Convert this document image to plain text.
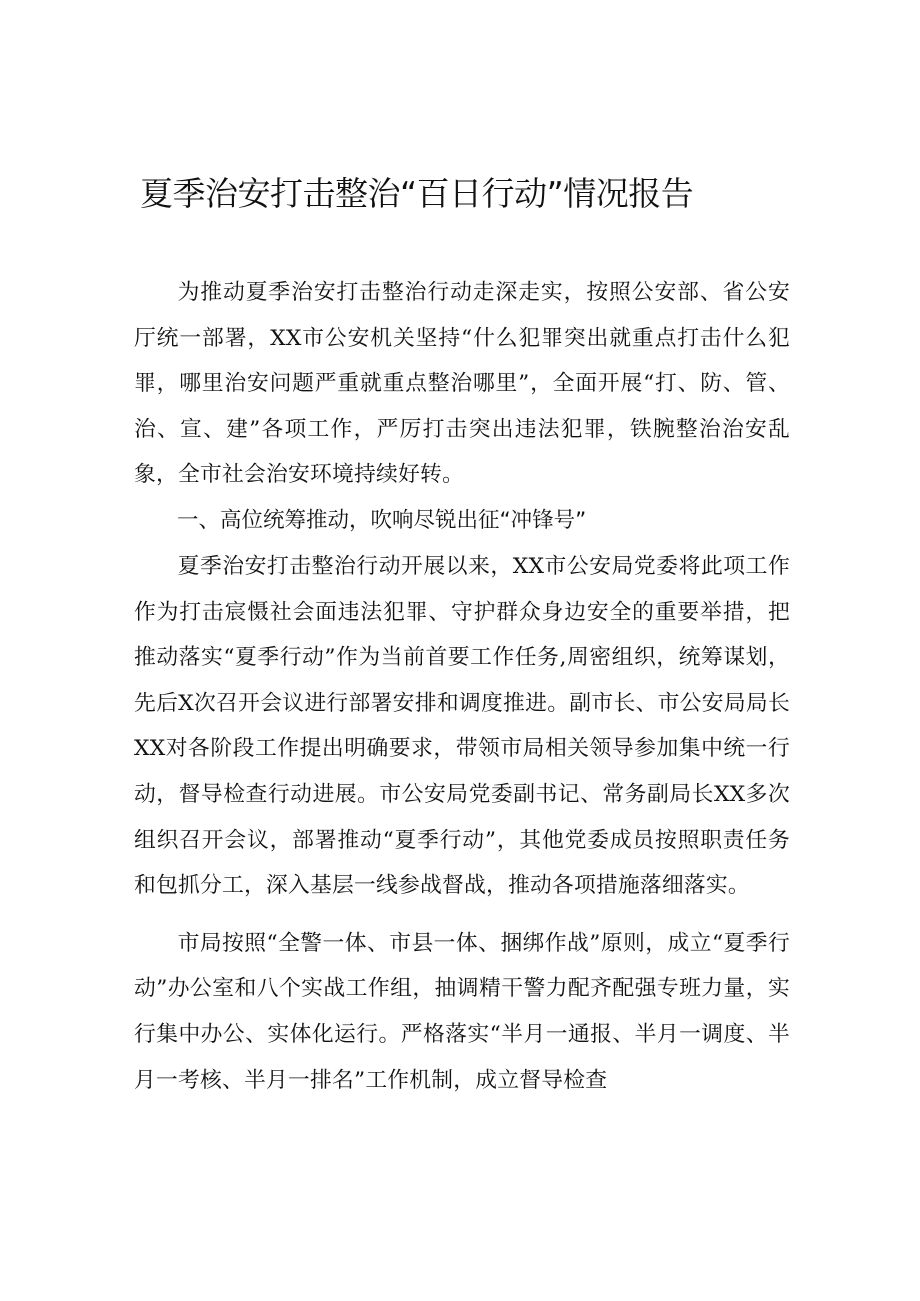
夏季治安打击整治“百日行动”情况报告

为推动夏季治安打击整治行动走深走实，按照公安部、省公安厅统一部署，XX市公安机关坚持“什么犯罪突出就重点打击什么犯罪，哪里治安问题严重就重点整治哪里”，全面开展“打、防、管、治、宣、建”各项工作，严厉打击突出违法犯罪，铁腕整治治安乱象，全市社会治安环境持续好转。

一、高位统筹推动，吹响尽锐出征“冲锋号”

夏季治安打击整治行动开展以来，XX市公安局党委将此项工作作为打击宸慑社会面违法犯罪、守护群众身边安全的重要举措，把推动落实“夏季行动”作为当前首要工作任务,周密组织，统筹谋划，先后X次召开会议进行部署安排和调度推进。副市长、市公安局局长XX对各阶段工作提出明确要求，带领市局相关领导参加集中统一行动，督导检查行动进展。市公安局党委副书记、常务副局长XX多次组织召开会议，部署推动“夏季行动”，其他党委成员按照职责任务和包抓分工，深入基层一线参战督战，推动各项措施落细落实。

市局按照“全警一体、市县一体、捆绑作战”原则，成立“夏季行动”办公室和八个实战工作组，抽调精干警力配齐配强专班力量，实行集中办公、实体化运行。严格落实“半月一通报、半月一调度、半月一考核、半月一排名”工作机制，成立督导检查
